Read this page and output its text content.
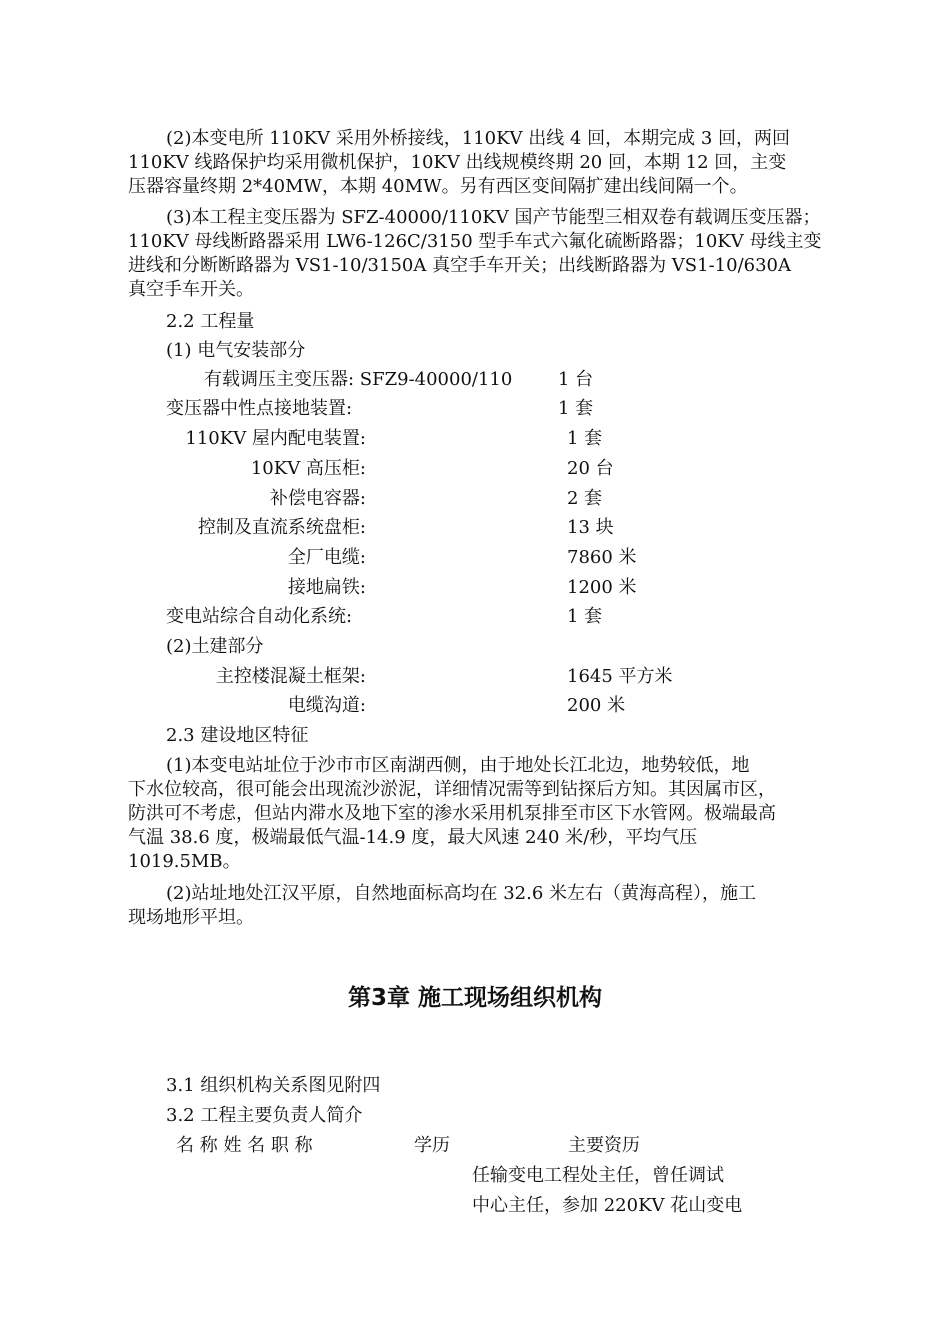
(2)本变电所 110KV 采用外桥接线，110KV 出线 4 回，本期完成 3 回，两回
110KV 线路保护均采用微机保护，10KV 出线规模终期 20 回，本期 12 回，主变
压器容量终期 2*40MW，本期 40MW。另有西区变间隔扩建出线间隔一个。
(3)本工程主变压器为 SFZ-40000/110KV 国产节能型三相双卷有载调压变压器；
110KV 母线断路器采用 LW6-126C/3150 型手车式六氟化硫断路器；10KV 母线主变
进线和分断断路器为 VS1-10/3150A 真空手车开关；出线断路器为 VS1-10/630A
真空手车开关。
2.2 工程量
(1) 电气安装部分
有载调压主变压器: SFZ9-40000/110	1 台
变压器中性点接地装置:	1 套
110KV 屋内配电装置:	1 套
10KV 高压柜:	20 台
补偿电容器:	2 套
控制及直流系统盘柜:	13 块
全厂电缆:	7860 米
接地扁铁:	1200 米
变电站综合自动化系统:	1 套
(2)土建部分
主控楼混凝土框架:	1645 平方米
电缆沟道:	200 米
2.3 建设地区特征
(1)本变电站址位于沙市市区南湖西侧，由于地处长江北边，地势较低，地
下水位较高，很可能会出现流沙淤泥，详细情况需等到钻探后方知。其因属市区，
防洪可不考虑，但站内滞水及地下室的渗水采用机泵排至市区下水管网。极端最高
气温 38.6 度，极端最低气温-14.9 度，最大风速 240 米/秒，平均气压
1019.5MB。
(2)站址地处江汉平原，自然地面标高均在 32.6 米左右（黄海高程），施工
现场地形平坦。
第3章 施工现场组织机构
3.1 组织机构关系图见附四
3.2 工程主要负责人简介
名 称 姓 名 职 称	学历	主要资历
任输变电工程处主任，曾任调试
中心主任，参加 220KV 花山变电
